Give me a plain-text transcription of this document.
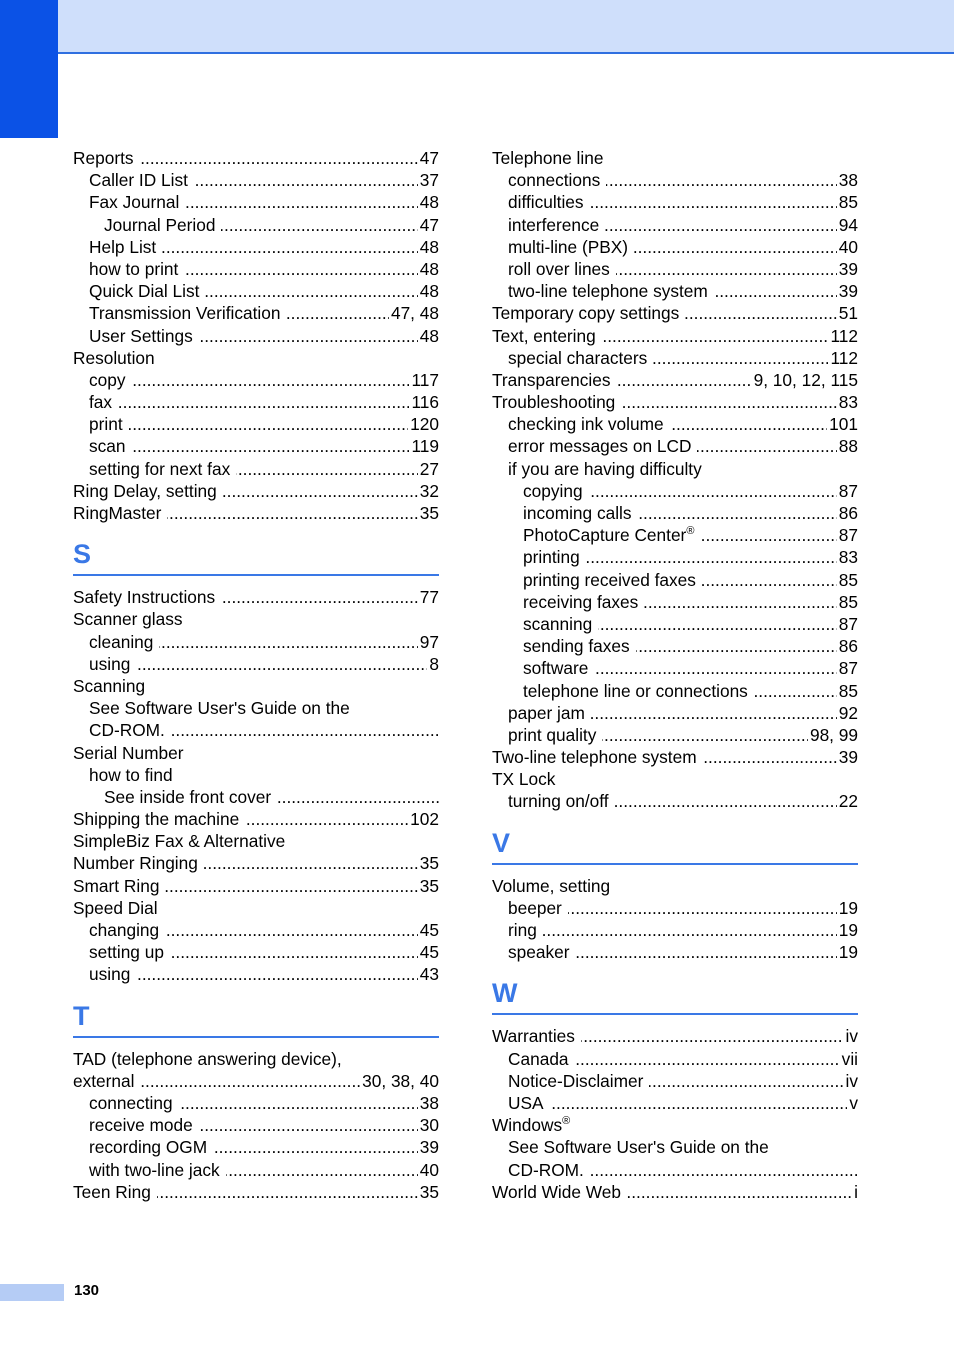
Reports	47
.....
Caller ID List	37
.....
Fax Journal	48
.....
Journal Period	47
.....
Help List	48
.....
how to print	48
.....
Quick Dial List	48
.....
Transmission Verification	47, 48
.....
User Settings	48
.....
Resolution
copy	117
.....
fax	116
.....
print	120
.....
scan	119
.....
setting for next fax	27
.....
Ring Delay, setting	32
.....
RingMaster	35
.....
S
Safety Instructions	77
.....
Scanner glass
cleaning	97
.....
using	8
.....
Scanning
See Software User's Guide on the
CD-ROM. .....
Serial Number
how to find
See inside front cover .....
Shipping the machine	102
.....
SimpleBiz Fax & Alternative
Number Ringing	35
.....
Smart Ring	35
.....
Speed Dial
changing	45
.....
setting up	45
.....
using	43
.....
T
TAD (telephone answering device),
external	30, 38, 40
.....
connecting	38
.....
receive mode	30
.....
recording OGM	39
.....
with two-line jack	40
.....
Teen Ring	35
.....
Telephone line
connections	38
.....
difficulties	85
.....
interference	94
.....
multi-line (PBX)	40
.....
roll over lines	39
.....
two-line telephone system	39
.....
Temporary copy settings	51
.....
Text, entering	112
.....
special characters	112
.....
Transparencies	9, 10, 12, 115
.....
Troubleshooting	83
.....
checking ink volume	101
.....
error messages on LCD	88
.....
if you are having difficulty
copying	87
.....
incoming calls	86
.....
PhotoCapture Center®	87
.....
printing	83
.....
printing received faxes	85
.....
receiving faxes	85
.....
scanning	87
.....
sending faxes	86
.....
software	87
.....
telephone line or connections	85
.....
paper jam	92
.....
print quality	98, 99
.....
Two-line telephone system	39
.....
TX Lock
turning on/off	22
.....
V
Volume, setting
beeper	19
.....
ring	19
.....
speaker	19
.....
W
Warranties	iv
.....
Canada	vii
.....
Notice-Disclaimer	iv
.....
USA	v
.....
Windows®
See Software User's Guide on the
CD-ROM. .....
World Wide Web	i
.....
130
